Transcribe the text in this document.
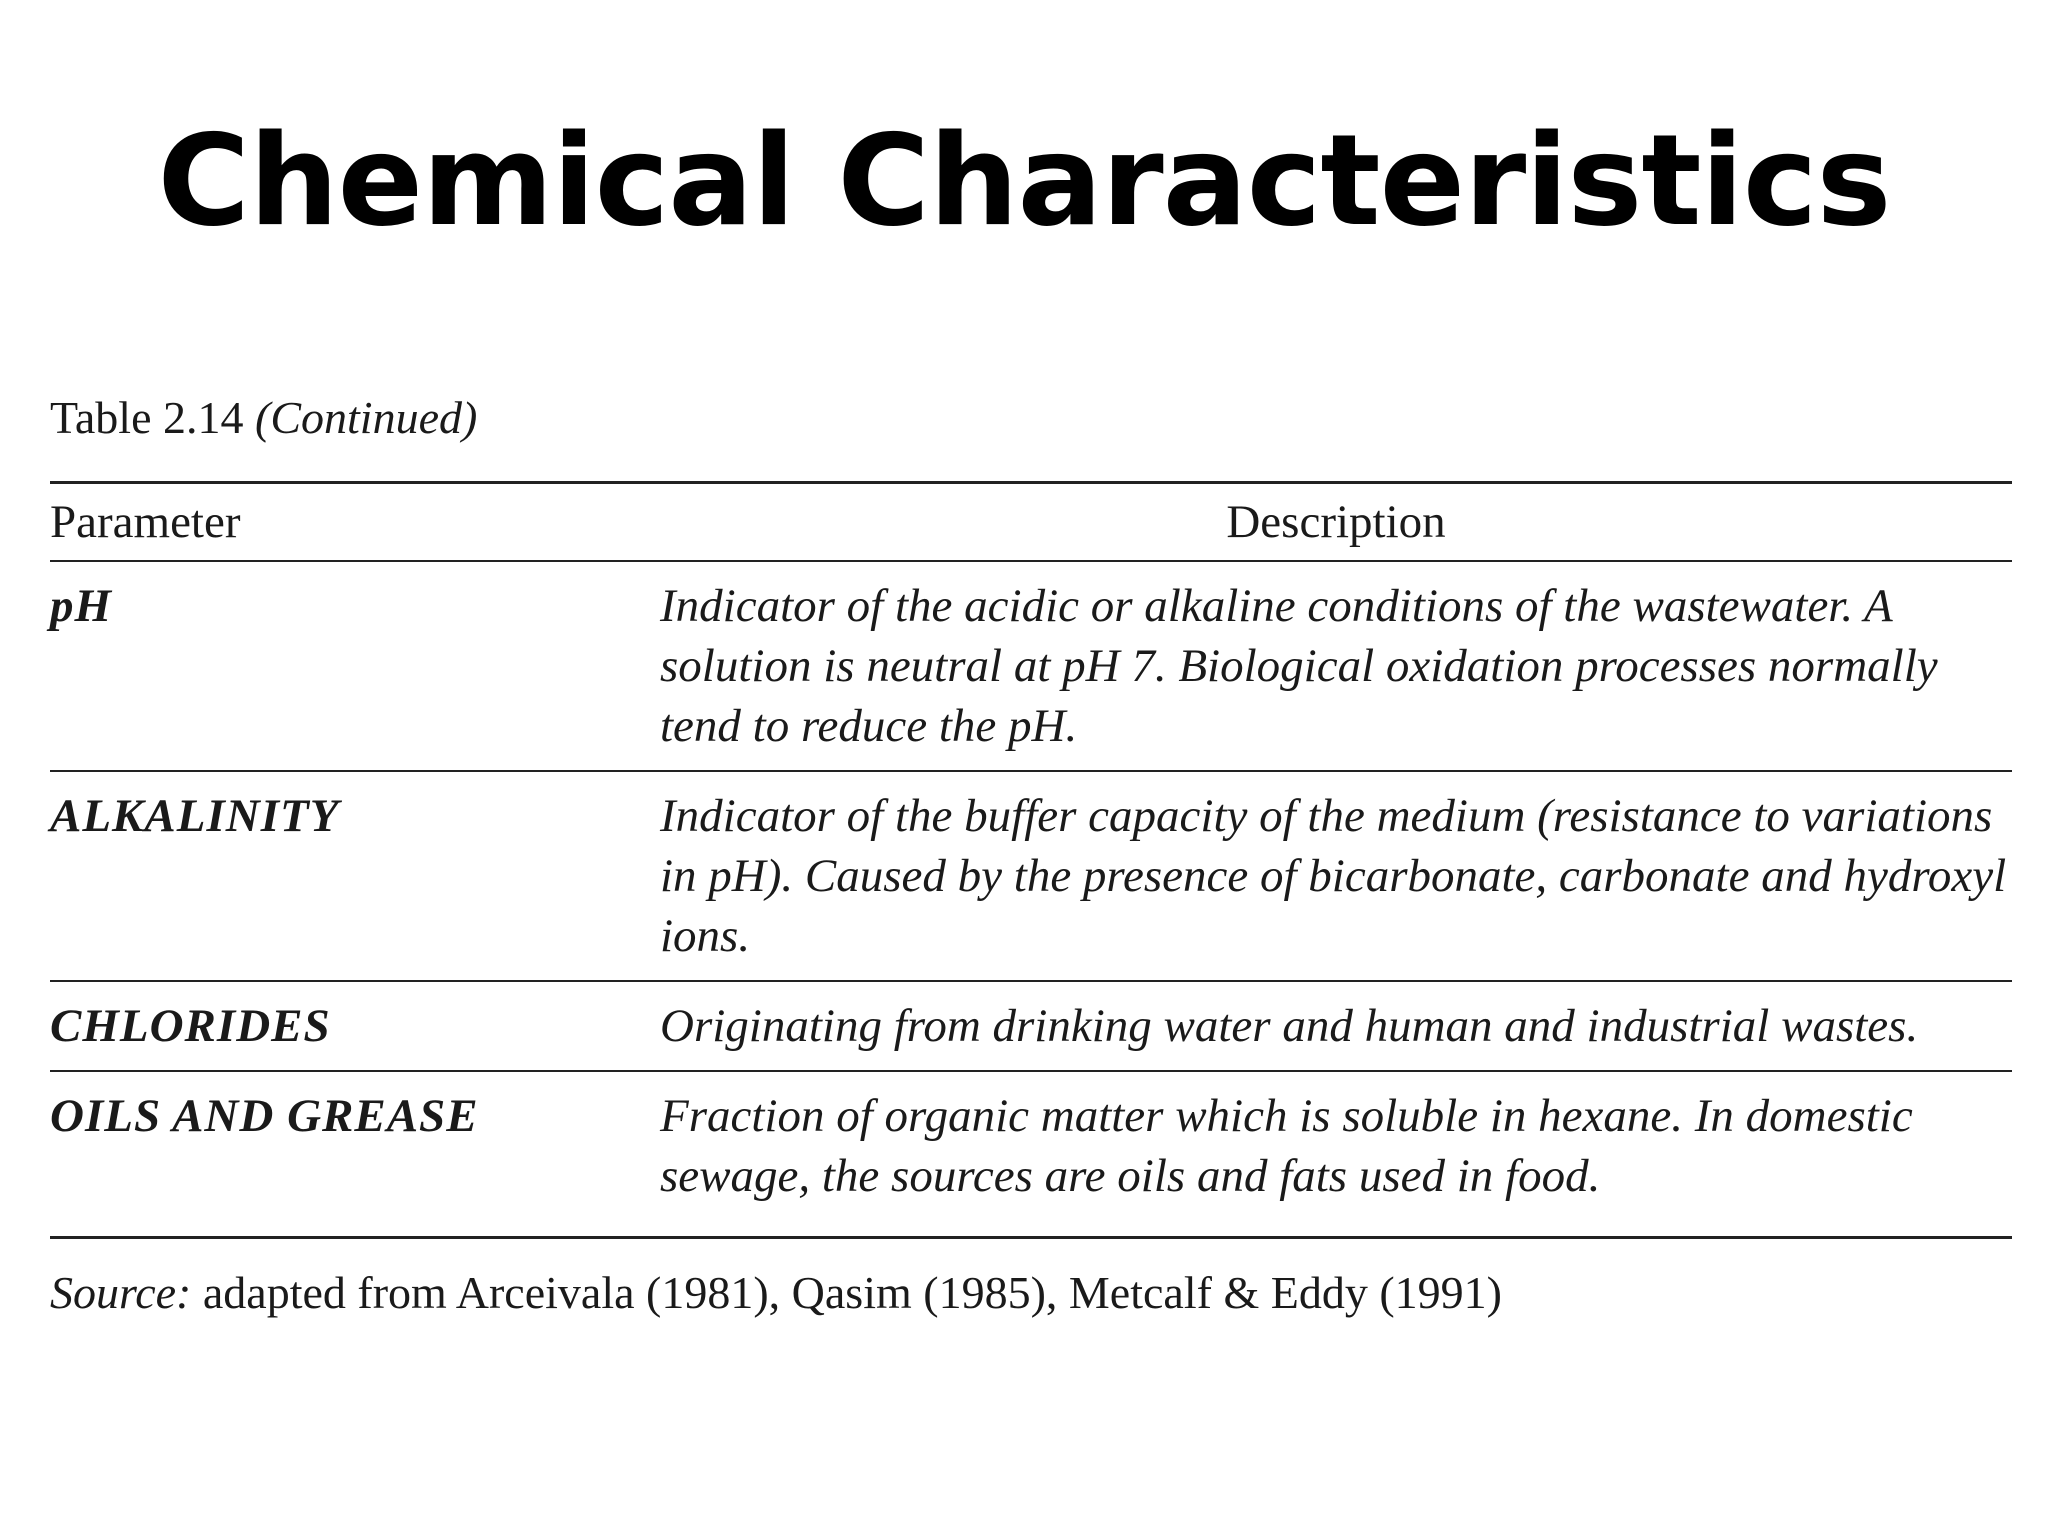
Chemical Characteristics
Table 2.14 (Continued)
Parameter	Description
pH	Indicator of the acidic or alkaline conditions of the wastewater. A solution is neutral at pH 7. Biological oxidation processes normally tend to reduce the pH.
ALKALINITY	Indicator of the buffer capacity of the medium (resistance to variations in pH). Caused by the presence of bicarbonate, carbonate and hydroxyl ions.
CHLORIDES	Originating from drinking water and human and industrial wastes.
OILS AND GREASE	Fraction of organic matter which is soluble in hexane. In domestic sewage, the sources are oils and fats used in food.
Source: adapted from Arceivala (1981), Qasim (1985), Metcalf & Eddy (1991)
